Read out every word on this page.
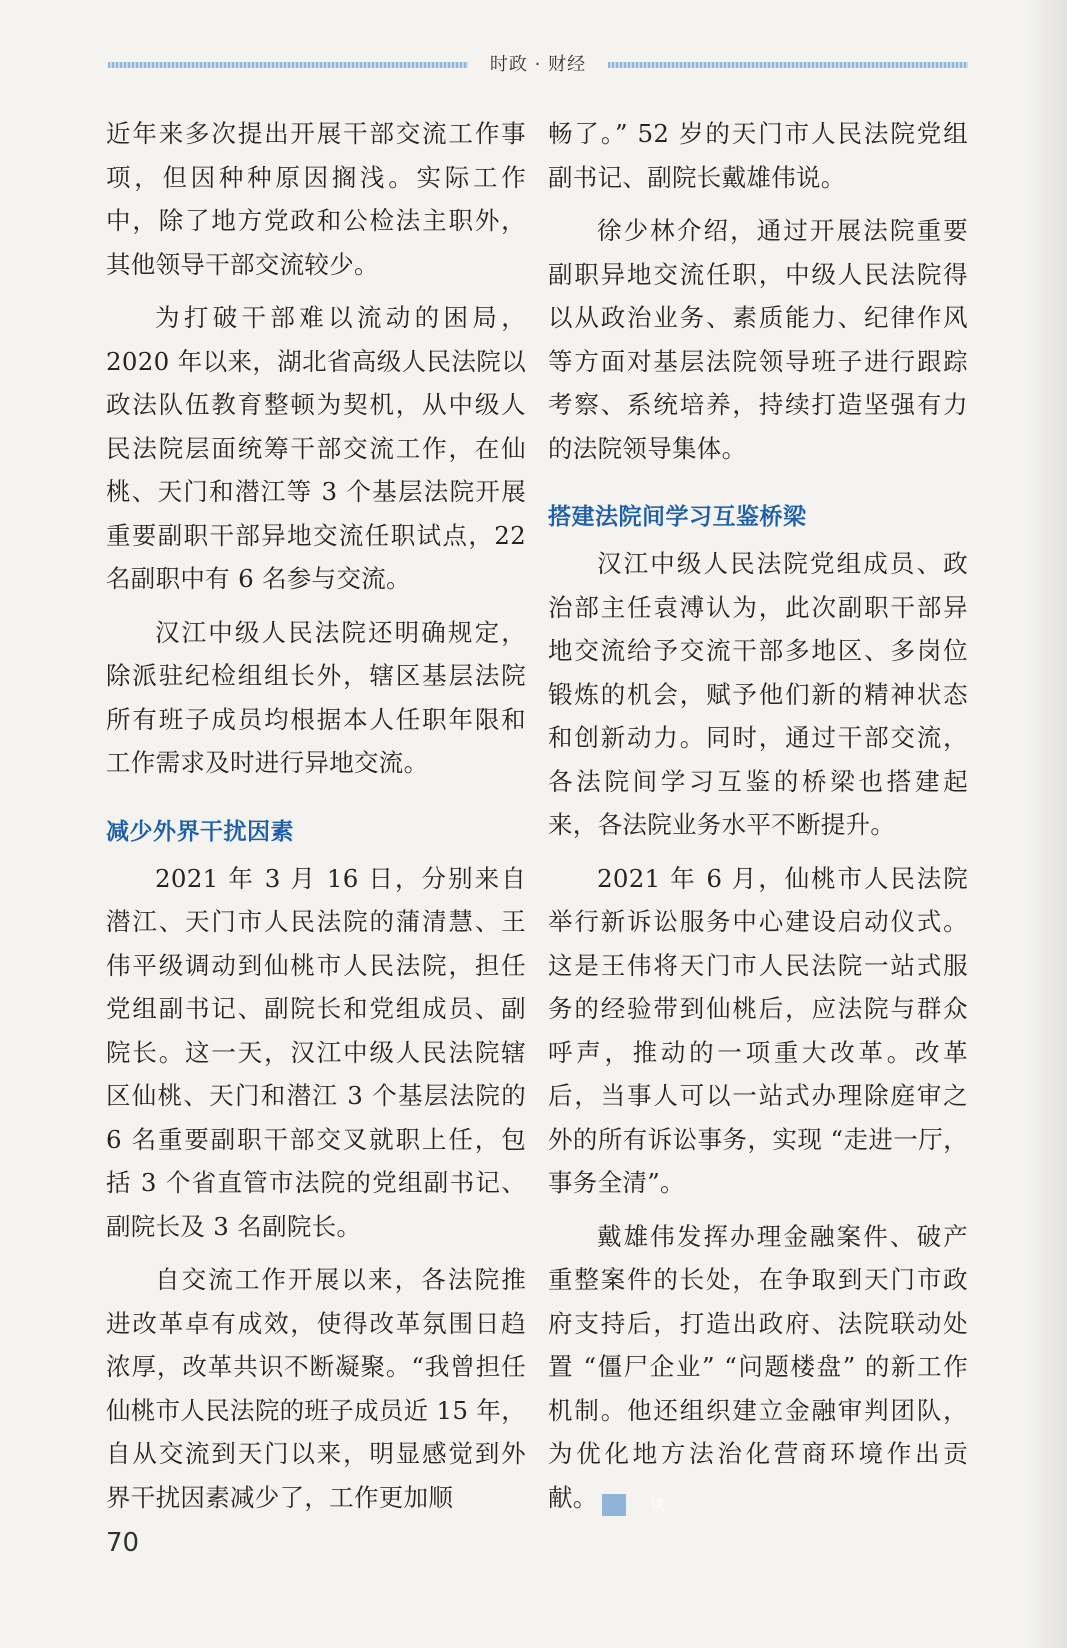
时政 · 财经

近年来多次提出开展干部交流工作事项，但因种种原因搁浅。实际工作中，除了地方党政和公检法主职外，其他领导干部交流较少。

为打破干部难以流动的困局，2020 年以来，湖北省高级人民法院以政法队伍教育整顿为契机，从中级人民法院层面统筹干部交流工作，在仙桃、天门和潜江等 3 个基层法院开展重要副职干部异地交流任职试点，22 名副职中有 6 名参与交流。

汉江中级人民法院还明确规定，除派驻纪检组组长外，辖区基层法院所有班子成员均根据本人任职年限和工作需求及时进行异地交流。

减少外界干扰因素

2021 年 3 月 16 日，分别来自潜江、天门市人民法院的蒲清慧、王伟平级调动到仙桃市人民法院，担任党组副书记、副院长和党组成员、副院长。这一天，汉江中级人民法院辖区仙桃、天门和潜江 3 个基层法院的 6 名重要副职干部交叉就职上任，包括 3 个省直管市法院的党组副书记、副院长及 3 名副院长。

自交流工作开展以来，各法院推进改革卓有成效，使得改革氛围日趋浓厚，改革共识不断凝聚。“我曾担任仙桃市人民法院的班子成员近 15 年，自从交流到天门以来，明显感觉到外界干扰因素减少了，工作更加顺

畅了。” 52 岁的天门市人民法院党组副书记、副院长戴雄伟说。

徐少林介绍，通过开展法院重要副职异地交流任职，中级人民法院得以从政治业务、素质能力、纪律作风等方面对基层法院领导班子进行跟踪考察、系统培养，持续打造坚强有力的法院领导集体。

搭建法院间学习互鉴桥梁

汉江中级人民法院党组成员、政治部主任袁溥认为，此次副职干部异地交流给予交流干部多地区、多岗位锻炼的机会，赋予他们新的精神状态和创新动力。同时，通过干部交流，各法院间学习互鉴的桥梁也搭建起来，各法院业务水平不断提升。

2021 年 6 月，仙桃市人民法院举行新诉讼服务中心建设启动仪式。这是王伟将天门市人民法院一站式服务的经验带到仙桃后，应法院与群众呼声，推动的一项重大改革。改革后，当事人可以一站式办理除庭审之外的所有诉讼事务，实现 “走进一厅，事务全清”。

戴雄伟发挥办理金融案件、破产重整案件的长处，在争取到天门市政府支持后，打造出政府、法院联动处置 “僵尸企业” “问题楼盘” 的新工作机制。他还组织建立金融审判团队，为优化地方法治化营商环境作出贡献。	谈

70
